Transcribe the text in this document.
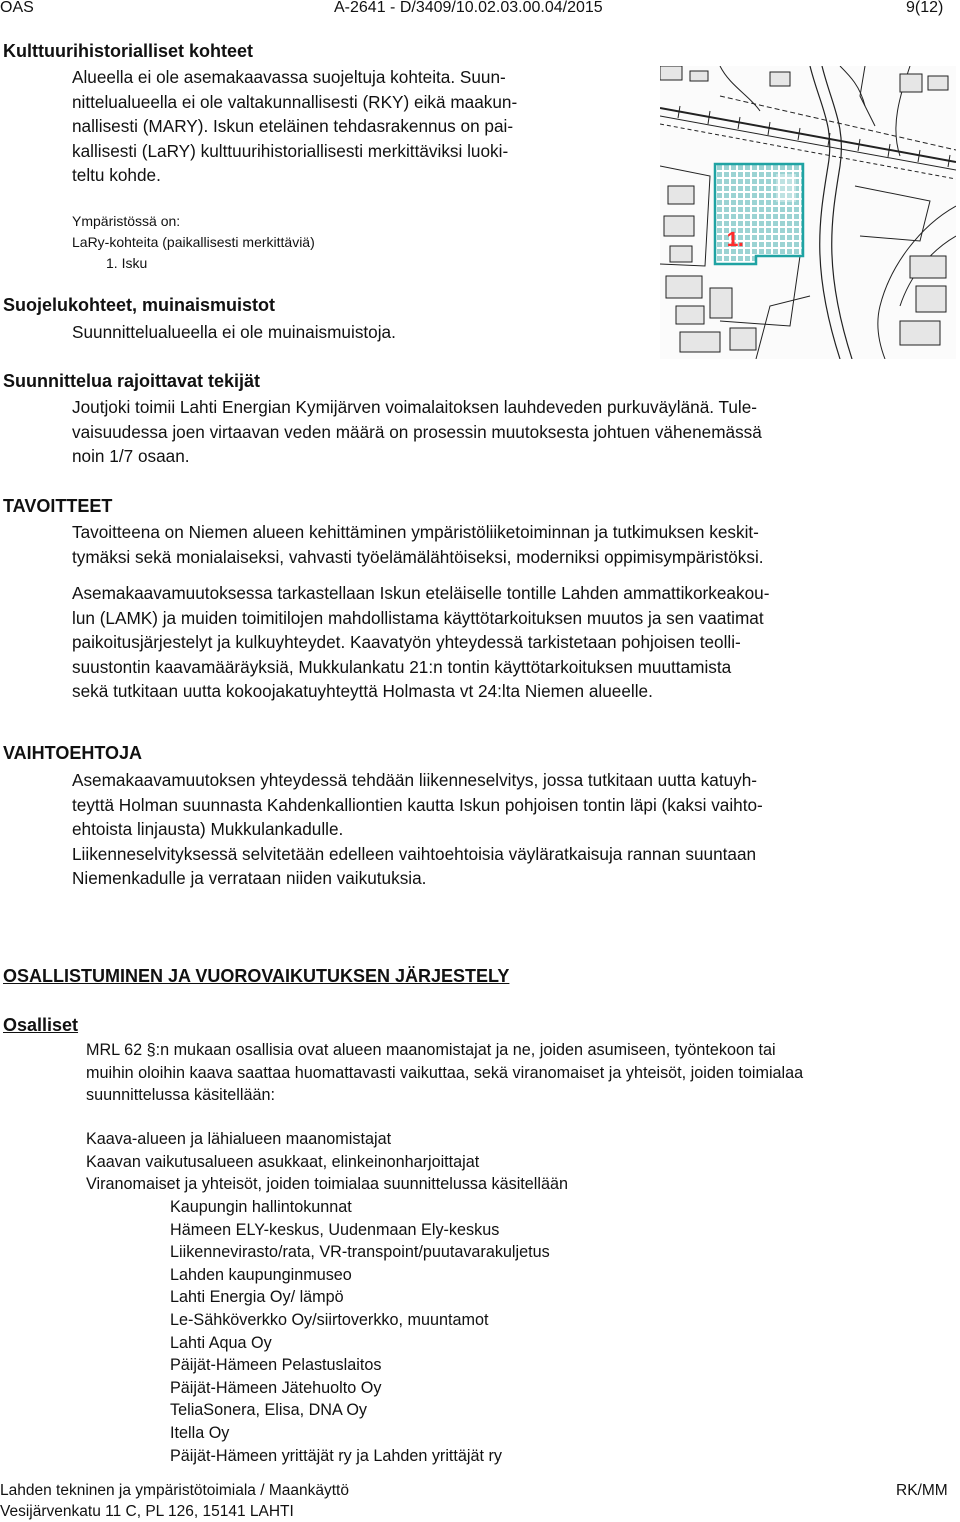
OAS	A-2641 - D/3409/10.02.03.00.04/2015	9(12)
Kulttuurihistorialliset kohteet
Alueella ei ole asemakaavassa suojeltuja kohteita. Suun-
nittelualueella ei ole valtakunnallisesti (RKY) eikä maakun-
nallisesti (MARY). Iskun eteläinen tehdasrakennus on pai-
kallisesti (LaRY) kulttuurihistoriallisesti merkittäviksi luoki-
teltu kohde.
Ympäristössä on:
LaRy-kohteita (paikallisesti merkittäviä)
1. Isku
Suojelukohteet, muinaismuistot
Suunnittelualueella ei ole muinaismuistoja.
Suunnittelua rajoittavat tekijät
Joutjoki toimii Lahti Energian Kymijärven voimalaitoksen lauhdeveden purkuväylänä. Tule-
vaisuudessa joen virtaavan veden määrä on prosessin muutoksesta johtuen vähenemässä
noin 1/7 osaan.
TAVOITTEET
Tavoitteena on Niemen alueen kehittäminen ympäristöliiketoiminnan ja tutkimuksen keskit-
tymäksi sekä monialaiseksi, vahvasti työelämälähtöiseksi, moderniksi oppimisympäristöksi.
Asemakaavamuutoksessa tarkastellaan Iskun eteläiselle tontille Lahden ammattikorkeakou-
lun (LAMK) ja muiden toimitilojen mahdollistama käyttötarkoituksen muutos ja sen vaatimat
paikoitusjärjestelyt ja kulkuyhteydet. Kaavatyön yhteydessä tarkistetaan pohjoisen teolli-
suustontin kaavamääräyksiä, Mukkulankatu 21:n tontin käyttötarkoituksen muuttamista
sekä tutkitaan uutta kokoojakatuyhteyttä Holmasta vt 24:lta Niemen alueelle.
VAIHTOEHTOJA
Asemakaavamuutoksen yhteydessä tehdään liikenneselvitys, jossa tutkitaan uutta katuyh-
teyttä Holman suunnasta Kahdenkalliontien kautta Iskun pohjoisen tontin läpi (kaksi vaihto-
ehtoista linjausta) Mukkulankadulle.
Liikenneselvityksessä selvitetään edelleen vaihtoehtoisia väyläratkaisuja rannan suuntaan
Niemenkadulle ja verrataan niiden vaikutuksia.
OSALLISTUMINEN JA VUOROVAIKUTUKSEN JÄRJESTELY
Osalliset
MRL 62 §:n mukaan osallisia ovat alueen maanomistajat ja ne, joiden asumiseen, työntekoon tai
muihin oloihin kaava saattaa huomattavasti vaikuttaa, sekä viranomaiset ja yhteisöt, joiden toimialaa
suunnittelussa käsitellään:
Kaava-alueen ja lähialueen maanomistajat
Kaavan vaikutusalueen asukkaat, elinkeinonharjoittajat
Viranomaiset ja yhteisöt, joiden toimialaa suunnittelussa käsitellään
Kaupungin hallintokunnat
Hämeen ELY-keskus, Uudenmaan Ely-keskus
Liikennevirasto/rata, VR-transpoint/puutavarakuljetus
Lahden kaupunginmuseo
Lahti Energia Oy/ lämpö
Le-Sähköverkko Oy/siirtoverkko, muuntamot
Lahti Aqua Oy
Päijät-Hämeen Pelastuslaitos
Päijät-Hämeen Jätehuolto Oy
TeliaSonera, Elisa, DNA Oy
Itella Oy
Päijät-Hämeen yrittäjät ry ja Lahden yrittäjät ry
Lahden tekninen ja ympäristötoimiala / Maankäyttö
Vesijärvenkatu 11 C, PL 126, 15141 LAHTI
RK/MM
1.
